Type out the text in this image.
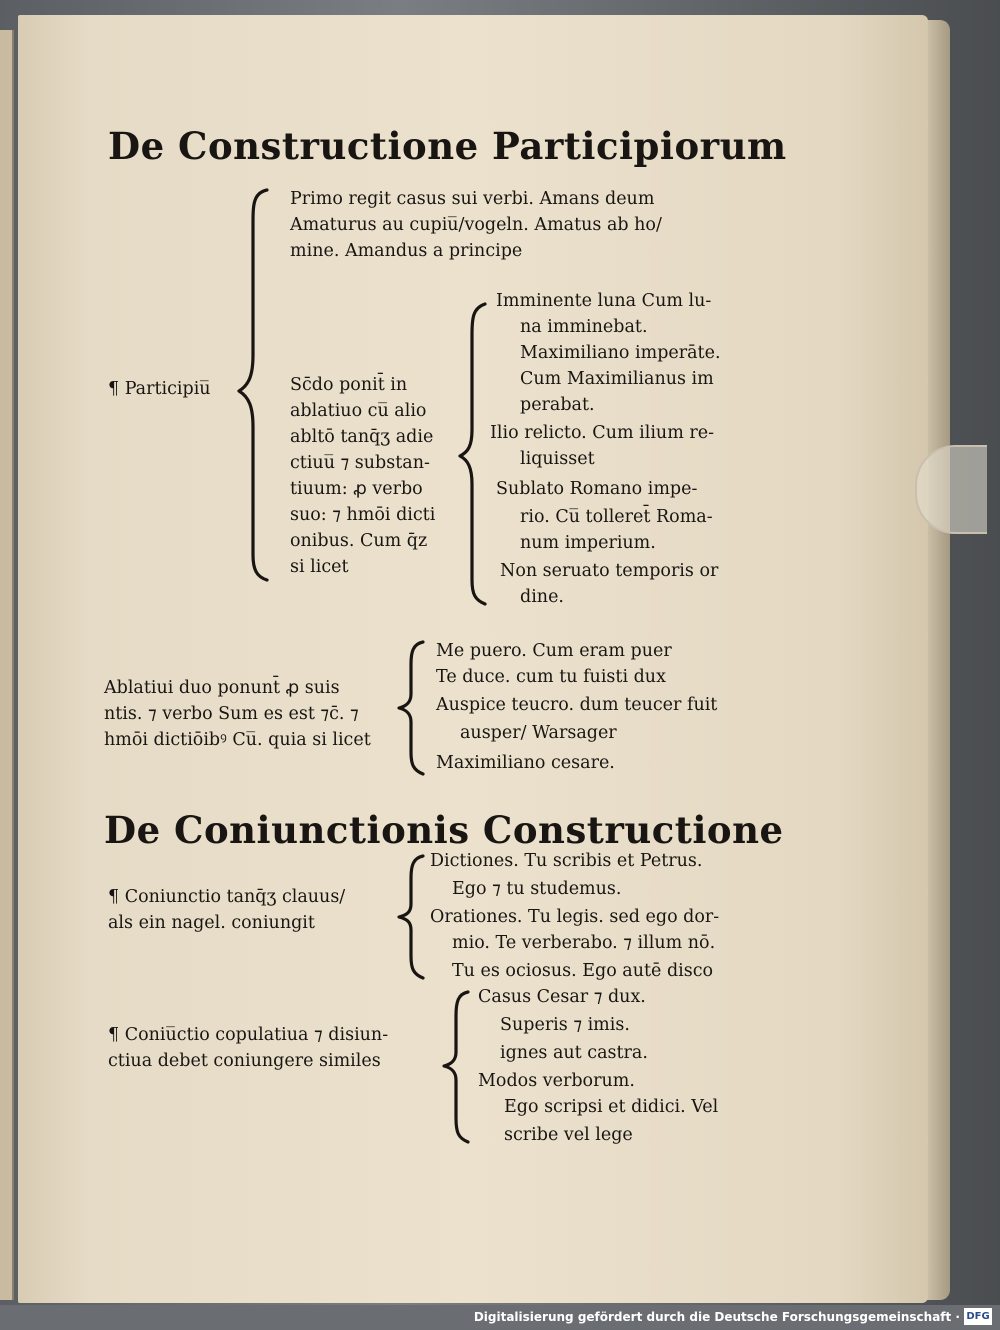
De Constructione Participiorum
Primo regit casus sui verbi. Amans deum
Amaturus au cupiu̅/vogeln. Amatus ab ho/
mine. Amandus a principe
¶ Participiu̅	Sc̄do ponit̄ in
ablatiuo cu̅ alio
abltō tanq̄ʒ adie
ctiuu̅ ⁊ substan-
tiuum: ꝓ verbo
suo: ⁊ hmōi dicti
onibus. Cum q̄z
si licet
Imminente luna Cum lu-
na imminebat.
Maximiliano imperāte.
Cum Maximilianus im
perabat.
Ilio relicto. Cum ilium re-
liquisset
Sublato Romano impe-
rio. Cu̅ tolleret̄ Roma-
num imperium.
Non seruato temporis or
dine.
Ablatiui duo ponunt̄ ꝓ suis
ntis. ⁊ verbo Sum es est ⁊c̄. ⁊
hmōi dictiōibꝰ Cu̅. quia si licet
Me puero. Cum eram puer
Te duce. cum tu fuisti dux
Auspice teucro. dum teucer fuit
ausper/ Warsager
Maximiliano cesare.
De Coniunctionis Constructione
¶ Coniunctio tanq̄ʒ clauus/
als ein nagel. coniungit
Dictiones. Tu scribis et Petrus.
Ego ⁊ tu studemus.
Orationes. Tu legis. sed ego dor-
mio. Te verberabo. ⁊ illum nō.
Tu es ociosus. Ego autē disco
¶ Coniu̅ctio copulatiua ⁊ disiun-
ctiua debet coniungere similes
Casus Cesar ⁊ dux.
Superis ⁊ imis.
ignes aut castra.
Modos verborum.
Ego scripsi et didici. Vel
scribe vel lege
Digitalisierung gefördert durch die Deutsche Forschungsgemeinschaft · DFG
